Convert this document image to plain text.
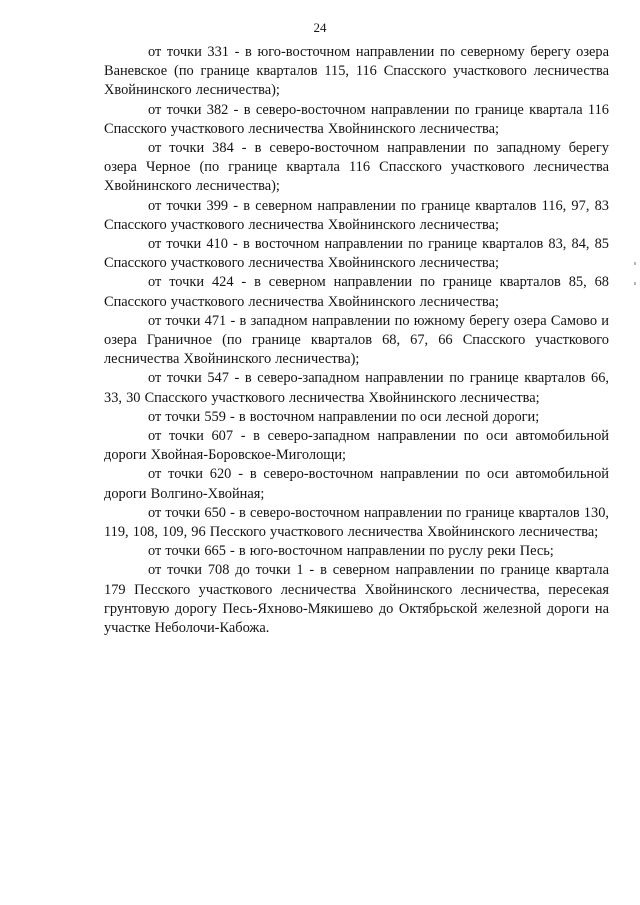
24

от точки 331 - в юго-восточном направлении по северному берегу озера Ваневское (по границе кварталов 115, 116 Спасского участкового лесничества Хвойнинского лесничества);

от точки 382 - в северо-восточном направлении по границе квартала 116 Спасского участкового лесничества Хвойнинского лесничества;

от точки 384 - в северо-восточном направлении по западному берегу озера Черное (по границе квартала 116 Спасского участкового лесничества Хвойнинского лесничества);

от точки 399 - в северном направлении по границе кварталов 116, 97, 83 Спасского участкового лесничества Хвойнинского лесничества;

от точки 410 - в восточном направлении по границе кварталов 83, 84, 85 Спасского участкового лесничества Хвойнинского лесничества;

от точки 424 - в северном направлении по границе кварталов 85, 68 Спасского участкового лесничества Хвойнинского лесничества;

от точки 471 - в западном направлении по южному берегу озера Самово и озера Граничное (по границе кварталов 68, 67, 66 Спасского участкового лесничества Хвойнинского лесничества);

от точки 547 - в северо-западном направлении по границе кварталов 66, 33, 30 Спасского участкового лесничества Хвойнинского лесничества;

от точки 559 - в восточном направлении по оси лесной дороги;

от точки 607 - в северо-западном направлении по оси автомобильной дороги Хвойная-Боровское-Миголощи;

от точки 620 - в северо-восточном направлении по оси автомобильной дороги Волгино-Хвойная;

от точки 650 - в северо-восточном направлении по границе кварталов 130, 119, 108, 109, 96 Песского участкового лесничества Хвойнинского лесничества;

от точки 665 - в юго-восточном направлении по руслу реки Песь;

от точки 708 до точки 1 - в северном направлении по границе квартала 179 Песского участкового лесничества Хвойнинского лесничества, пересекая грунтовую дорогу Песь-Яхново-Мякишево до Октябрьской железной дороги на участке Неболочи-Кабожа.
